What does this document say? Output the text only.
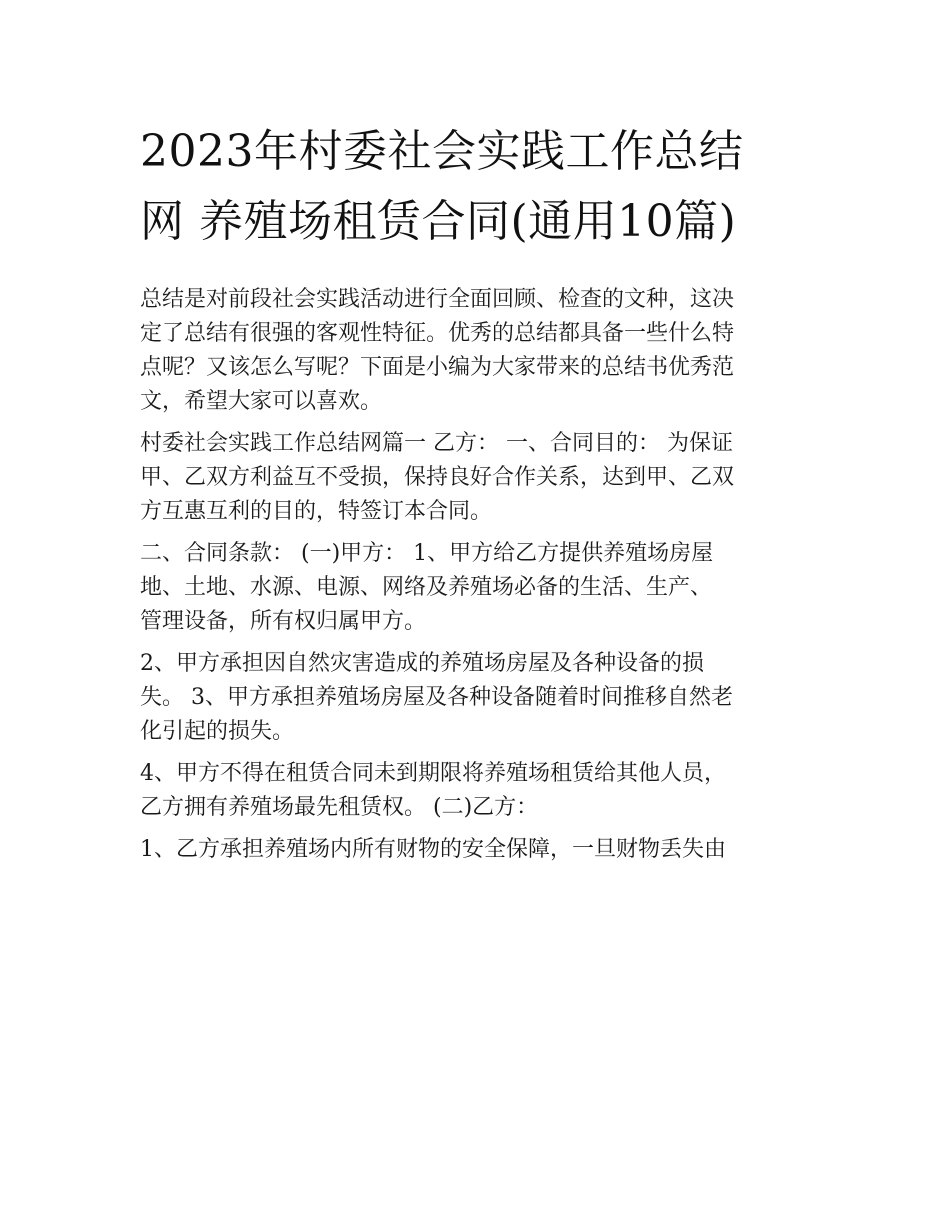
2023年村委社会实践工作总结
网 养殖场租赁合同(通用10篇)

总结是对前段社会实践活动进行全面回顾、检查的文种，这决

定了总结有很强的客观性特征。优秀的总结都具备一些什么特

点呢？又该怎么写呢？下面是小编为大家带来的总结书优秀范

文，希望大家可以喜欢。

村委社会实践工作总结网篇一 乙方： 一、合同目的： 为保证

甲、乙双方利益互不受损，保持良好合作关系，达到甲、乙双

方互惠互利的目的，特签订本合同。

二、合同条款： (一)甲方： 1、甲方给乙方提供养殖场房屋

地、土地、水源、电源、网络及养殖场必备的生活、生产、

管理设备，所有权归属甲方。

2、甲方承担因自然灾害造成的养殖场房屋及各种设备的损

失。 3、甲方承担养殖场房屋及各种设备随着时间推移自然老

化引起的损失。

4、甲方不得在租赁合同未到期限将养殖场租赁给其他人员，

乙方拥有养殖场最先租赁权。 (二)乙方：

1、乙方承担养殖场内所有财物的安全保障，一旦财物丢失由
